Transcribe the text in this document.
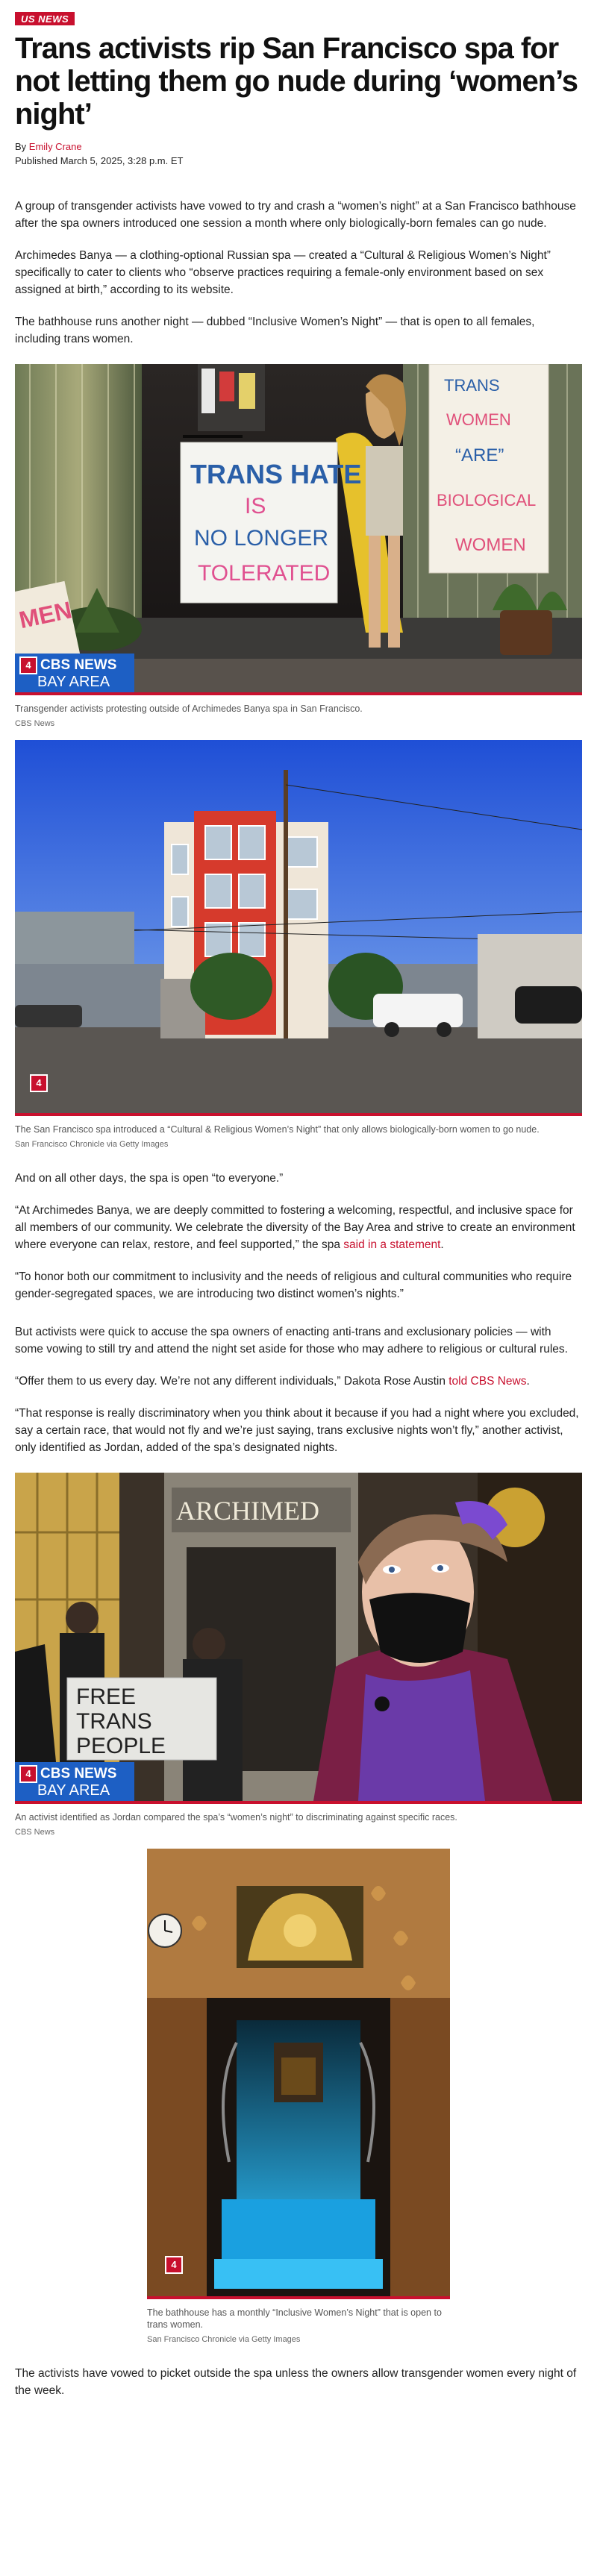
US NEWS
Trans activists rip San Francisco spa for not letting them go nude during ‘women’s night’
By Emily Crane
Published March 5, 2025, 3:28 p.m. ET

A group of transgender activists have vowed to try and crash a “women’s night” at a San Francisco bathhouse after the spa owners introduced one session a month where only biologically-born females can go nude.

Archimedes Banya — a clothing-optional Russian spa — created a “Cultural & Religious Women’s Night” specifically to cater to clients who “observe practices requiring a female-only environment based on sex assigned at birth,” according to its website.

The bathhouse runs another night — dubbed “Inclusive Women’s Night” — that is open to all females, including trans women.

MEN
TRANS HATE
IS
NO LONGER
TOLERATED
TRANS
WOMEN
“ARE”
BIOLOGICAL
WOMEN
4 CBS NEWS
BAY AREA
Transgender activists protesting outside of Archimedes Banya spa in San Francisco.
CBS News
4
The San Francisco spa introduced a “Cultural & Religious Women’s Night” that only allows biologically-born women to go nude.
San Francisco Chronicle via Getty Images

And on all other days, the spa is open “to everyone.”

“At Archimedes Banya, we are deeply committed to fostering a welcoming, respectful, and inclusive space for all members of our community. We celebrate the diversity of the Bay Area and strive to create an environment where everyone can relax, restore, and feel supported,” the spa said in a statement.

“To honor both our commitment to inclusivity and the needs of religious and cultural communities who require gender-segregated spaces, we are introducing two distinct women’s nights.”

But activists were quick to accuse the spa owners of enacting anti-trans and exclusionary policies — with some vowing to still try and attend the night set aside for those who may adhere to religious or cultural rules.

“Offer them to us every day. We’re not any different individuals,” Dakota Rose Austin told CBS News.

“That response is really discriminatory when you think about it because if you had a night where you excluded, say a certain race, that would not fly and we’re just saying, trans exclusive nights won’t fly,” another activist, only identified as Jordan, added of the spa’s designated nights.

ARCHIMED
FREE
TRANS
PEOPLE
4 CBS NEWS
BAY AREA
An activist identified as Jordan compared the spa’s “women’s night” to discriminating against specific races.
CBS News
4
The bathhouse has a monthly “Inclusive Women’s Night” that is open to trans women.
San Francisco Chronicle via Getty Images

The activists have vowed to picket outside the spa unless the owners allow transgender women every night of the week.
